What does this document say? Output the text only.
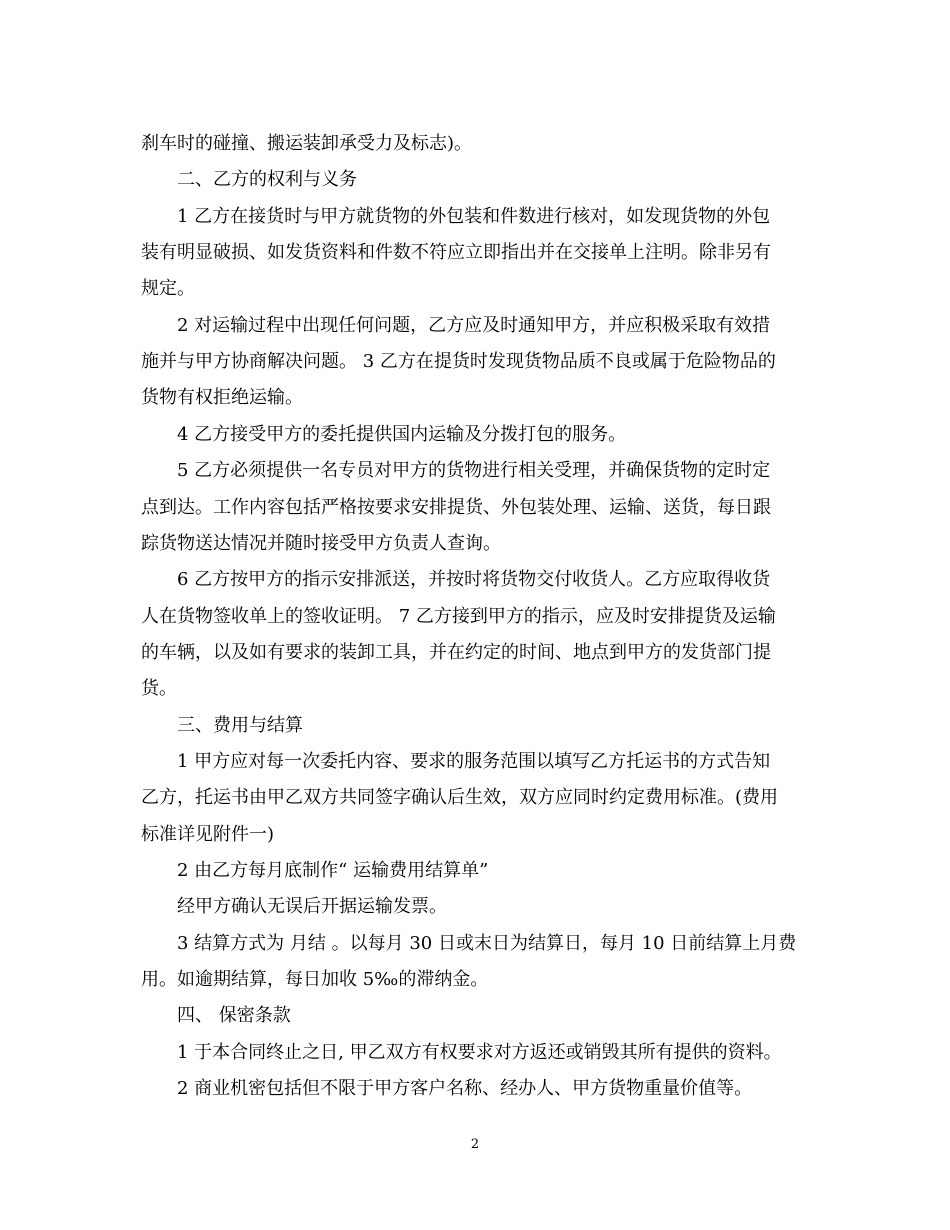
刹车时的碰撞、搬运装卸承受力及标志)。
二、乙方的权利与义务
1 乙方在接货时与甲方就货物的外包装和件数进行核对，如发现货物的外包
装有明显破损、如发货资料和件数不符应立即指出并在交接单上注明。除非另有
规定。
2 对运输过程中出现任何问题，乙方应及时通知甲方，并应积极采取有效措
施并与甲方协商解决问题。 3 乙方在提货时发现货物品质不良或属于危险物品的
货物有权拒绝运输。
4 乙方接受甲方的委托提供国内运输及分拨打包的服务。
5 乙方必须提供一名专员对甲方的货物进行相关受理，并确保货物的定时定
点到达。工作内容包括严格按要求安排提货、外包装处理、运输、送货，每日跟
踪货物送达情况并随时接受甲方负责人查询。
6 乙方按甲方的指示安排派送，并按时将货物交付收货人。乙方应取得收货
人在货物签收单上的签收证明。 7 乙方接到甲方的指示，应及时安排提货及运输
的车辆，以及如有要求的装卸工具，并在约定的时间、地点到甲方的发货部门提
货。
三、费用与结算
1 甲方应对每一次委托内容、要求的服务范围以填写乙方托运书的方式告知
乙方，托运书由甲乙双方共同签字确认后生效，双方应同时约定费用标准。(费用
标准详见附件一)
2 由乙方每月底制作“ 运输费用结算单”
经甲方确认无误后开据运输发票。
3 结算方式为 月结 。以每月 30 日或末日为结算日，每月 10 日前结算上月费
用。如逾期结算，每日加收 5‰的滞纳金。
四、 保密条款
1 于本合同终止之日, 甲乙双方有权要求对方返还或销毁其所有提供的资料。
2 商业机密包括但不限于甲方客户名称、经办人、甲方货物重量价值等。
2
